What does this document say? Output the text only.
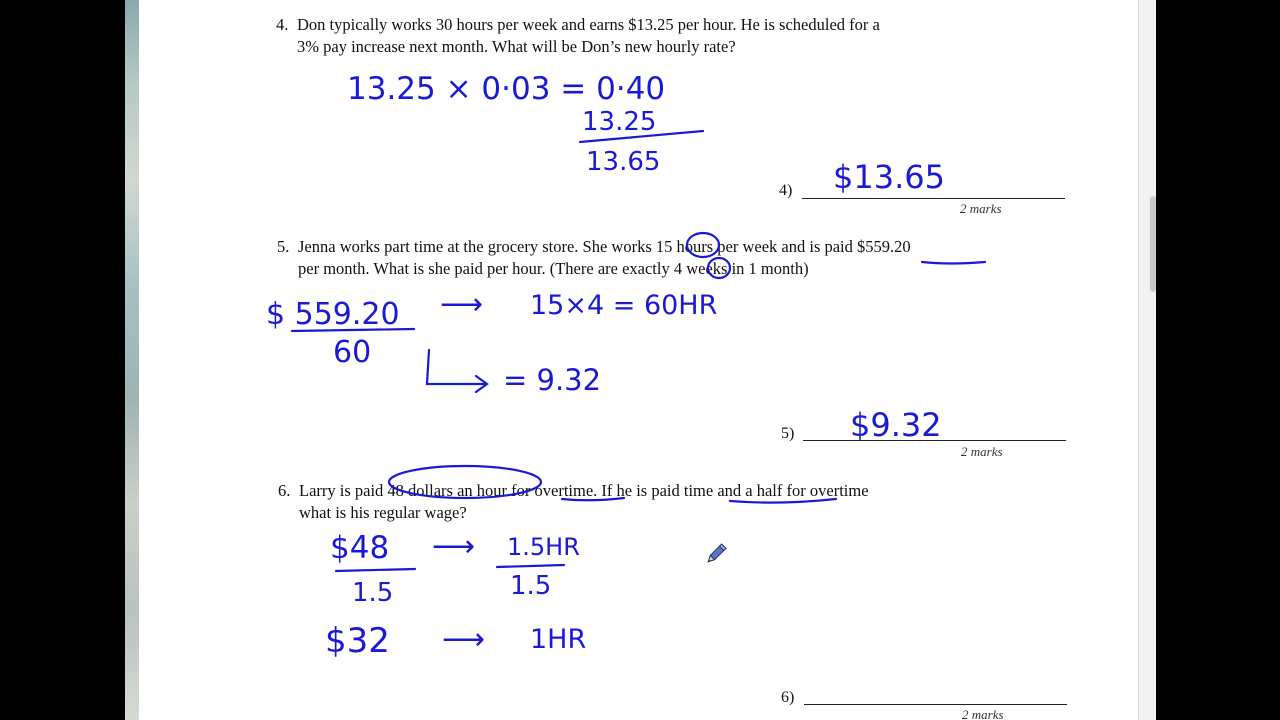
4. Don typically works 30 hours per week and earns $13.25 per hour. He is scheduled for a
3% pay increase next month. What will be Don’s new hourly rate?
4)
2 marks
5. Jenna works part time at the grocery store. She works 15 hours per week and is paid $559.20
per month. What is she paid per hour. (There are exactly 4 weeks in 1 month)
5)
2 marks
6. Larry is paid 48 dollars an hour for overtime. If he is paid time and a half for overtime
what is his regular wage?
6)
2 marks
13.25 × 0·03 = 0·40
13.25
13.65	$13.65
$ 559.20
60
⟶ 15×4 = 60HR
= 9.32
$9.32
$48
1.5
⟶ 1.5HR
1.5
$32 ⟶ 1HR
